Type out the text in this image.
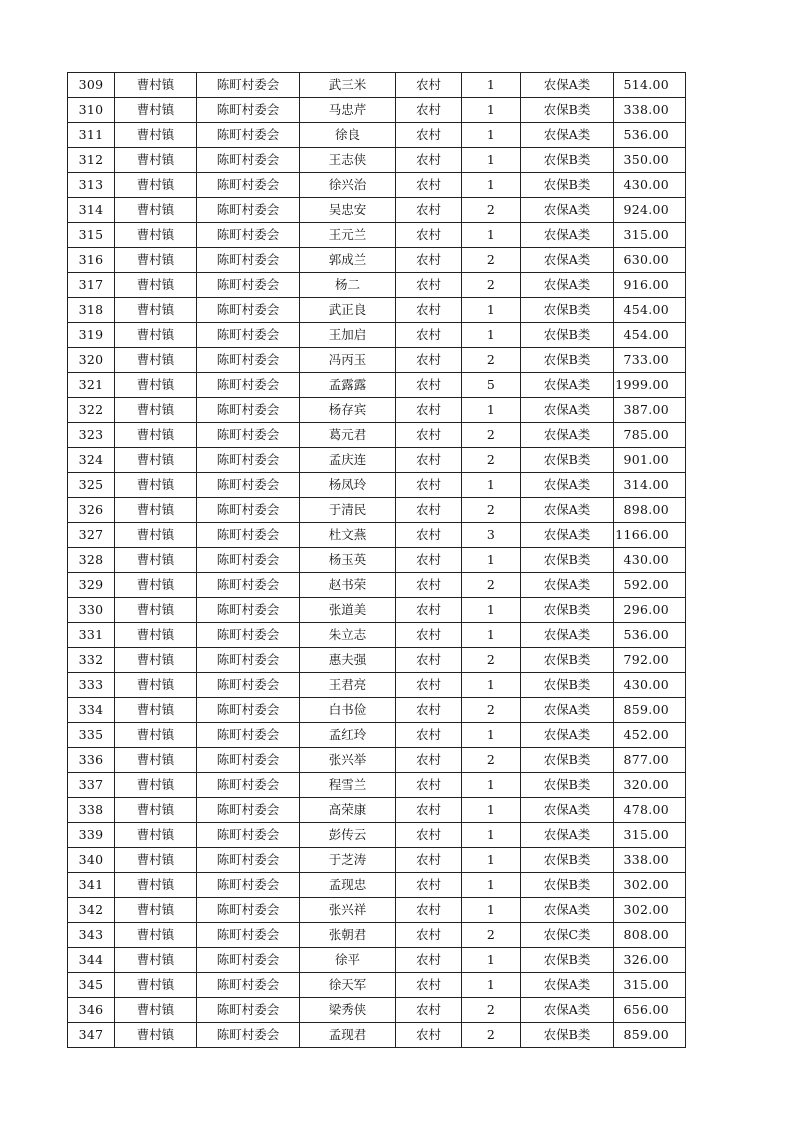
309	曹村镇	陈町村委会	武三米	农村	1	农保A类	514.00
310	曹村镇	陈町村委会	马忠芹	农村	1	农保B类	338.00
311	曹村镇	陈町村委会	徐良	农村	1	农保A类	536.00
312	曹村镇	陈町村委会	王志侠	农村	1	农保B类	350.00
313	曹村镇	陈町村委会	徐兴治	农村	1	农保B类	430.00
314	曹村镇	陈町村委会	吴忠安	农村	2	农保A类	924.00
315	曹村镇	陈町村委会	王元兰	农村	1	农保A类	315.00
316	曹村镇	陈町村委会	郭成兰	农村	2	农保A类	630.00
317	曹村镇	陈町村委会	杨二	农村	2	农保A类	916.00
318	曹村镇	陈町村委会	武正良	农村	1	农保B类	454.00
319	曹村镇	陈町村委会	王加启	农村	1	农保B类	454.00
320	曹村镇	陈町村委会	冯丙玉	农村	2	农保B类	733.00
321	曹村镇	陈町村委会	孟露露	农村	5	农保A类	1999.00
322	曹村镇	陈町村委会	杨存宾	农村	1	农保A类	387.00
323	曹村镇	陈町村委会	葛元君	农村	2	农保A类	785.00
324	曹村镇	陈町村委会	孟庆连	农村	2	农保B类	901.00
325	曹村镇	陈町村委会	杨凤玲	农村	1	农保A类	314.00
326	曹村镇	陈町村委会	于清民	农村	2	农保A类	898.00
327	曹村镇	陈町村委会	杜文燕	农村	3	农保A类	1166.00
328	曹村镇	陈町村委会	杨玉英	农村	1	农保B类	430.00
329	曹村镇	陈町村委会	赵书荣	农村	2	农保A类	592.00
330	曹村镇	陈町村委会	张道美	农村	1	农保B类	296.00
331	曹村镇	陈町村委会	朱立志	农村	1	农保A类	536.00
332	曹村镇	陈町村委会	惠夫强	农村	2	农保B类	792.00
333	曹村镇	陈町村委会	王君亮	农村	1	农保B类	430.00
334	曹村镇	陈町村委会	白书俭	农村	2	农保A类	859.00
335	曹村镇	陈町村委会	孟红玲	农村	1	农保A类	452.00
336	曹村镇	陈町村委会	张兴举	农村	2	农保B类	877.00
337	曹村镇	陈町村委会	程雪兰	农村	1	农保B类	320.00
338	曹村镇	陈町村委会	高荣康	农村	1	农保A类	478.00
339	曹村镇	陈町村委会	彭传云	农村	1	农保A类	315.00
340	曹村镇	陈町村委会	于芝涛	农村	1	农保B类	338.00
341	曹村镇	陈町村委会	孟现忠	农村	1	农保B类	302.00
342	曹村镇	陈町村委会	张兴祥	农村	1	农保A类	302.00
343	曹村镇	陈町村委会	张朝君	农村	2	农保C类	808.00
344	曹村镇	陈町村委会	徐平	农村	1	农保B类	326.00
345	曹村镇	陈町村委会	徐天军	农村	1	农保A类	315.00
346	曹村镇	陈町村委会	梁秀侠	农村	2	农保A类	656.00
347	曹村镇	陈町村委会	孟现君	农村	2	农保B类	859.00
